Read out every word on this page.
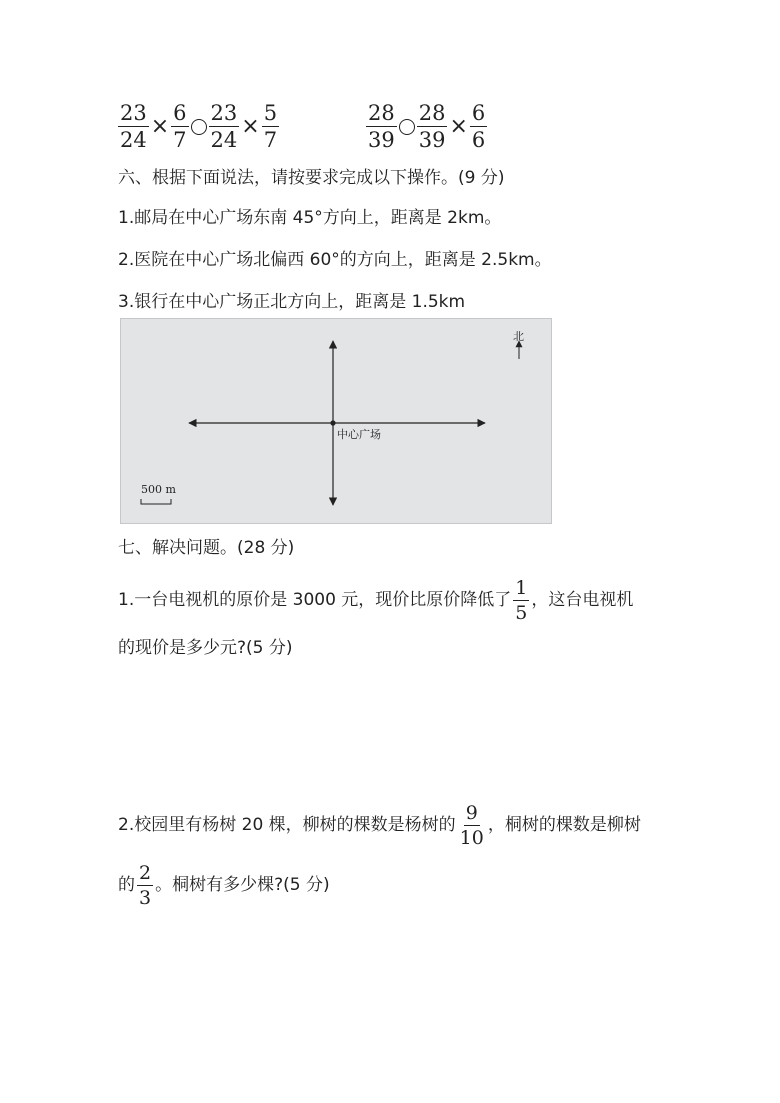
$\frac{23}{24} \times \frac{6}{7} \frac{23}{24} \times \frac{5}{7}$	$\frac{28}{39} \frac{28}{39} \times \frac{6}{6}$
六、根据下面说法，请按要求完成以下操作。(9 分)
1.邮局在中心广场东南 45°方向上，距离是 2km。
2.医院在中心广场北偏西 60°的方向上，距离是 2.5km。
3.银行在中心广场正北方向上，距离是 1.5km
北
中心广场
500 m
七、解决问题。(28 分)
1.一台电视机的原价是 3000 元，现价比原价降低了 $\frac{1}{5}$ ，这台电视机
的现价是多少元?(5 分)
2.校园里有杨树 20 棵，柳树的棵数是杨树的 $\frac{9}{10}$ ，桐树的棵数是柳树
的 $\frac{2}{3}$ 。桐树有多少棵?(5 分)
